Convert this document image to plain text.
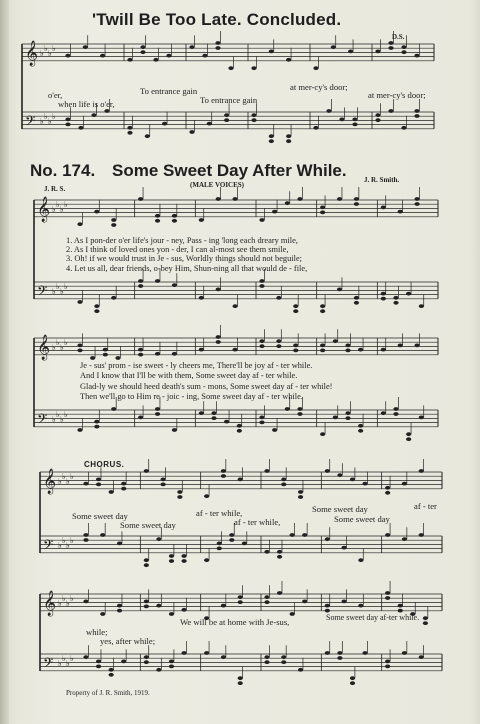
𝄞 ♭
♭
♭
♭
𝄢 ♭
♭
♭
♭
𝄞 ♭
♭
♭
♭
𝄢 ♭
♭
♭
♭
𝄞 ♭
♭
♭
♭
𝄢 ♭
♭
♭
♭
𝄞 ♭
♭
♭
♭
𝄢 ♭
♭
♭
♭
𝄞 ♭
♭
♭
♭
𝄢 ♭
♭
♭
♭
'Twill Be Too Late. Concluded.
D.S.
o'er,	To entrance gain	at mer-cy's door;
when life is o'er,	To entrance gain	at mer-cy's door;
No. 174. Some Sweet Day After While.
(MALE VOICES)
J. R. S.
J. R. Smith.
1. As I pon-der o'er life's jour - ney, Pass - ing 'long each dreary mile,
2. As I think of loved ones yon - der, I can al-most see them smile,
3. Oh! if we would trust in Je - sus, Worldly things should not beguile;
4. Let us all, dear friends, o-bey Him, Shun-ning all that would de - file,
Je - sus' prom - ise sweet - ly cheers me, There'll be joy af - ter while.
And I know that I'll be with them, Some sweet day af - ter while.
Glad-ly we should heed death's sum - mons, Some sweet day af - ter while!
Then we'll go to Him re - joic - ing, Some sweet day af - ter while.
CHORUS.
Some sweet day	af - ter while,	Some sweet day	af - ter
Some sweet day	af - ter while,	Some sweet day
while;
We will be at home with Je-sus,	Some sweet day af-ter while.
yes, after while;
Property of J. R. Smith, 1919.
